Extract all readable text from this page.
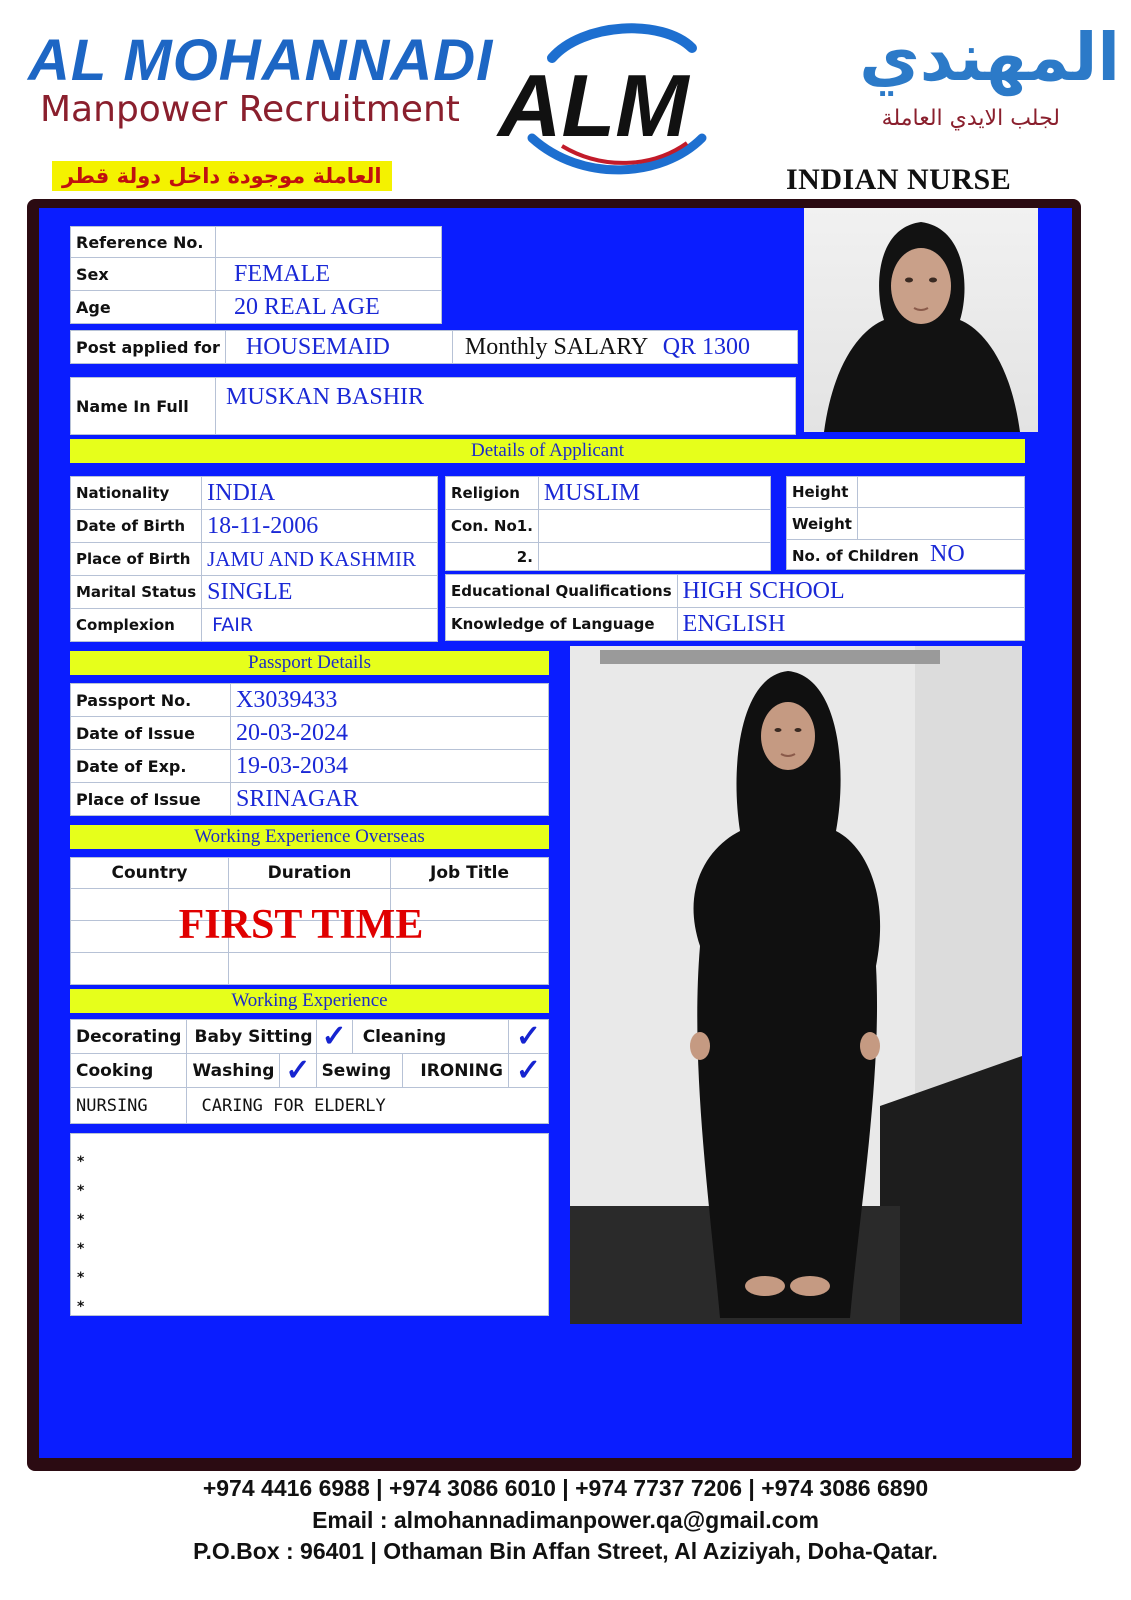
AL MOHANNADI
Manpower Recruitment ALM	المهندي
لجلب الايدي العاملة
العاملة موجودة داخل دولة قطر	INDIAN NURSE
Reference No.	
Sex	FEMALE
Age	20 REAL AGE
Post applied for	HOUSEMAID	Monthly SALARY QR 1300
Name In Full	MUSKAN BASHIR
Details of Applicant
Nationality	INDIA
Date of Birth	18-11-2006
Place of Birth	JAMU AND KASHMIR
Marital Status	SINGLE
Complexion	FAIR
Religion	MUSLIM
Con. No1.	
2.	
Height	
Weight	
No. of Children NO	
Educational Qualifications	HIGH SCHOOL
Knowledge of Language	ENGLISH
Passport Details
Passport No.	X3039433
Date of Issue	20-03-2024
Date of Exp.	19-03-2034
Place of Issue	SRINAGAR
Working Experience Overseas
Country	Duration	Job Title

FIRST TIME
Working Experience
Decorating	Baby Sitting		✓	Cleaning		✓
Cooking	Washing	✓	Sewing		IRONING	✓
NURSING	CARING FOR ELDERLY					
*
*
*
*
*
*
+974 4416 6988 | +974 3086 6010 | +974 7737 7206 | +974 3086 6890
Email : almohannadimanpower.qa@gmail.com
P.O.Box : 96401 | Othaman Bin Affan Street, Al Aziziyah, Doha-Qatar.
